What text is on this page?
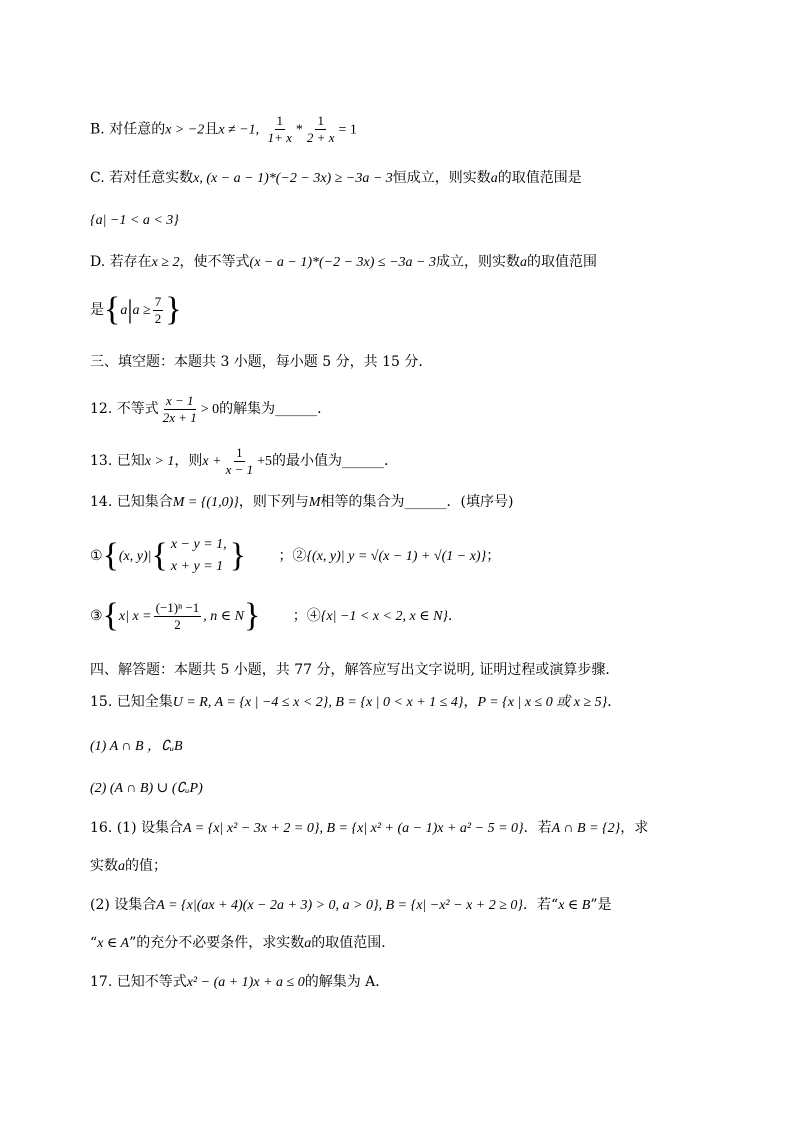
B. 对任意的x > −2且x ≠ −1, $\frac{1}{1+ x} * \frac{1}{2 + x} = 1$
C. 若对任意实数x, (x − a − 1)*(−2 − 3x) ≥ −3a − 3恒成立，则实数a的取值范围是
{a| −1 < a < 3}
D. 若存在x ≥ 2，使不等式(x − a − 1)*(−2 − 3x) ≤ −3a − 3成立，则实数a的取值范围
是{$a|a \ge \frac{7}{2}$ }
三、填空题：本题共 3 小题，每小题 5 分，共 15 分．
12. 不等式 $\frac{x - 1}{2x + 1} > 0$的解集为______．
13. 已知x > 1，则$x + \frac{1}{x - 1} +5$的最小值为______．
14. 已知集合M = {(1,0)}，则下列与M相等的集合为______．(填序号)
①{(x, y)|{ x − y = 1,
x + y = 1 } ；②{(x, y)| y = √(x − 1) + √(1 − x)}；
③{x| $x = \frac{\text{(−1)ⁿ −1}}{2}$ , n ∈ N} ；④{x| −1 < x < 2, x ∈ N}．
四、解答题：本题共 5 小题，共 77 分，解答应写出文字说明, 证明过程或演算步骤．
15. 已知全集U = R, A = {x | −4 ≤ x < 2}, B = {x | 0 < x + 1 ≤ 4}，P = {x | x ≤ 0 或 x ≥ 5}．
(1) A ∩ B ，∁ᵤB
(2) (A ∩ B) ∪ (∁ᵤP)
16. (1) 设集合A = {x| x² − 3x + 2 = 0}, B = {x| x² + (a − 1)x + a² − 5 = 0}．若A ∩ B = {2}，求
实数a的值；
(2) 设集合A = {x|(ax + 4)(x − 2a + 3) > 0, a > 0}, B = {x| −x² − x + 2 ≥ 0}．若“x ∈ B”是
“x ∈ A”的充分不必要条件，求实数a的取值范围．
17. 已知不等式x² − (a + 1)x + a ≤ 0的解集为 A．
